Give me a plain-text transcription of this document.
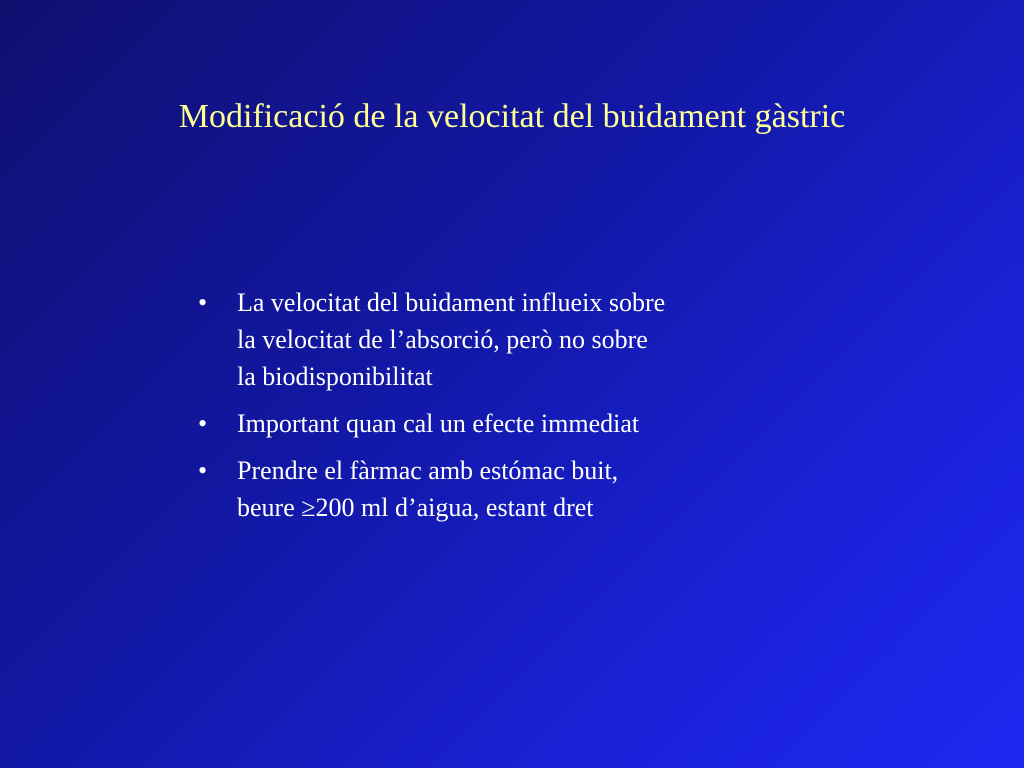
Modificació de la velocitat del buidament gàstric
• La velocitat del buidament influeix sobre
la velocitat de l’absorció, però no sobre
la biodisponibilitat
• Important quan cal un efecte immediat
• Prendre el fàrmac amb estómac buit,
beure ≥200 ml d’aigua, estant dret
